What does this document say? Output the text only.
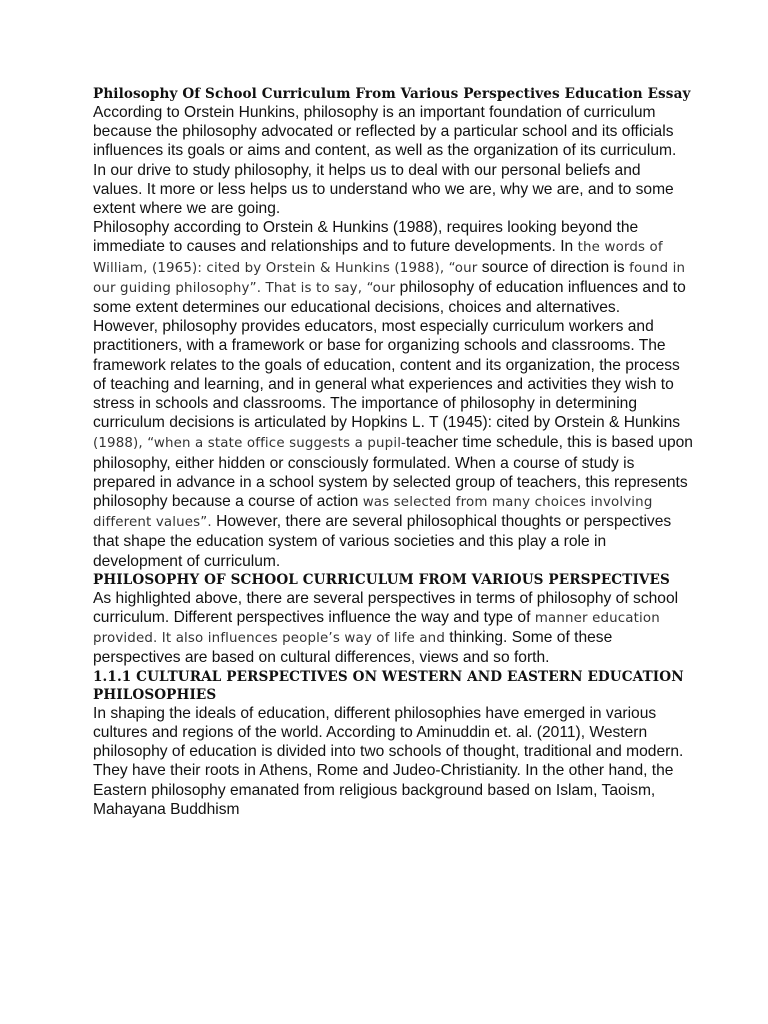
Philosophy Of School Curriculum From Various Perspectives Education Essay

According to Orstein Hunkins, philosophy is an important foundation of curriculum because the philosophy advocated or reflected by a particular school and its officials influences its goals or aims and content, as well as the organization of its curriculum. In our drive to study philosophy, it helps us to deal with our personal beliefs and values. It more or less helps us to understand who we are, why we are, and to some extent where we are going.

Philosophy according to Orstein & Hunkins (1988), requires looking beyond the immediate to causes and relationships and to future developments. In the words of William, (1965): cited by Orstein & Hunkins (1988), “our source of direction is found in our guiding philosophy”. That is to say, “our philosophy of education influences and to some extent determines our educational decisions, choices and alternatives.

However, philosophy provides educators, most especially curriculum workers and practitioners, with a framework or base for organizing schools and classrooms. The framework relates to the goals of education, content and its organization, the process of teaching and learning, and in general what experiences and activities they wish to stress in schools and classrooms. The importance of philosophy in determining curriculum decisions is articulated by Hopkins L. T (1945): cited by Orstein & Hunkins (1988), “when a state office suggests a pupil-teacher time schedule, this is based upon philosophy, either hidden or consciously formulated. When a course of study is prepared in advance in a school system by selected group of teachers, this represents philosophy because a course of action was selected from many choices involving different values”. However, there are several philosophical thoughts or perspectives that shape the education system of various societies and this play a role in development of curriculum.

PHILOSOPHY OF SCHOOL CURRICULUM FROM VARIOUS PERSPECTIVES

As highlighted above, there are several perspectives in terms of philosophy of school curriculum. Different perspectives influence the way and type of manner education provided. It also influences people’s way of life and thinking. Some of these perspectives are based on cultural differences, views and so forth.

1.1.1 CULTURAL PERSPECTIVES ON WESTERN AND EASTERN EDUCATION PHILOSOPHIES

In shaping the ideals of education, different philosophies have emerged in various cultures and regions of the world. According to Aminuddin et. al. (2011), Western philosophy of education is divided into two schools of thought, traditional and modern. They have their roots in Athens, Rome and Judeo-Christianity. In the other hand, the Eastern philosophy emanated from religious background based on Islam, Taoism, Mahayana Buddhism
